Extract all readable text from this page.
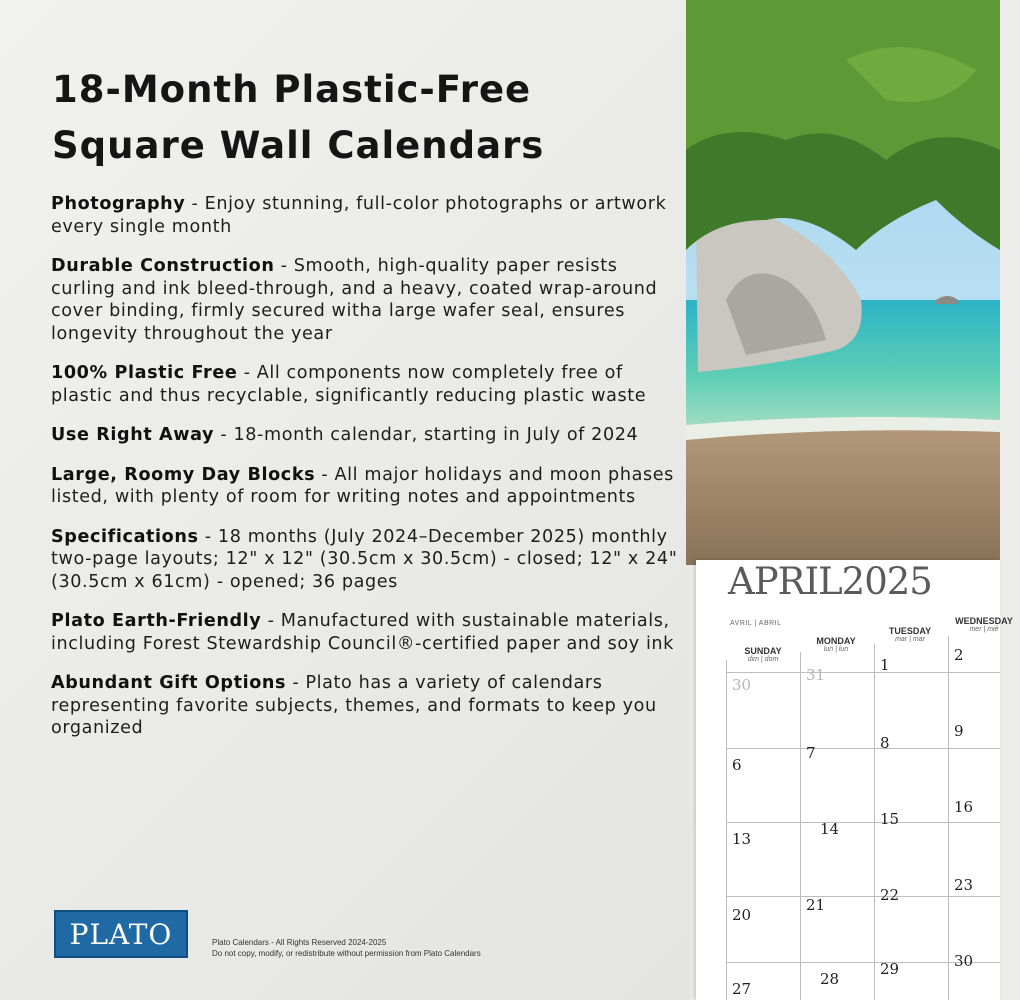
18-Month Plastic-Free
Square Wall Calendars

Photography - Enjoy stunning, full-color photographs or artwork every single month

Durable Construction - Smooth, high-quality paper resists curling and ink bleed-through, and a heavy, coated wrap-around cover binding, firmly secured witha large wafer seal, ensures longevity throughout the year

100% Plastic Free - All components now completely free of plastic and thus recyclable, significantly reducing plastic waste

Use Right Away - 18-month calendar, starting in July of 2024

Large, Roomy Day Blocks - All major holidays and moon phases listed, with plenty of room for writing notes and appointments

Specifications - 18 months (July 2024–December 2025) monthly two-page layouts; 12" x 12" (30.5cm x 30.5cm) - closed; 12" x 24" (30.5cm x 61cm) - opened; 36 pages

Plato Earth-Friendly - Manufactured with sustainable materials, including Forest Stewardship Council®-certified paper and soy ink

Abundant Gift Options - Plato has a variety of calendars representing favorite subjects, themes, and formats to keep you organized

PLATO	Plato Calendars - All Rights Reserved 2024-2025
Do not copy, modify, or redistribute without permission from Plato Calendars
APRIL2025
AVRIL | ABRIL
SUNDAY
dim | dom
MONDAY
lun | lun
TUESDAY
mar | mar
WEDNESDAY
mer | mié
30
31
1
2
6
7
8
9
13
14
15
16
20
21
22
23
27
28
29	30
